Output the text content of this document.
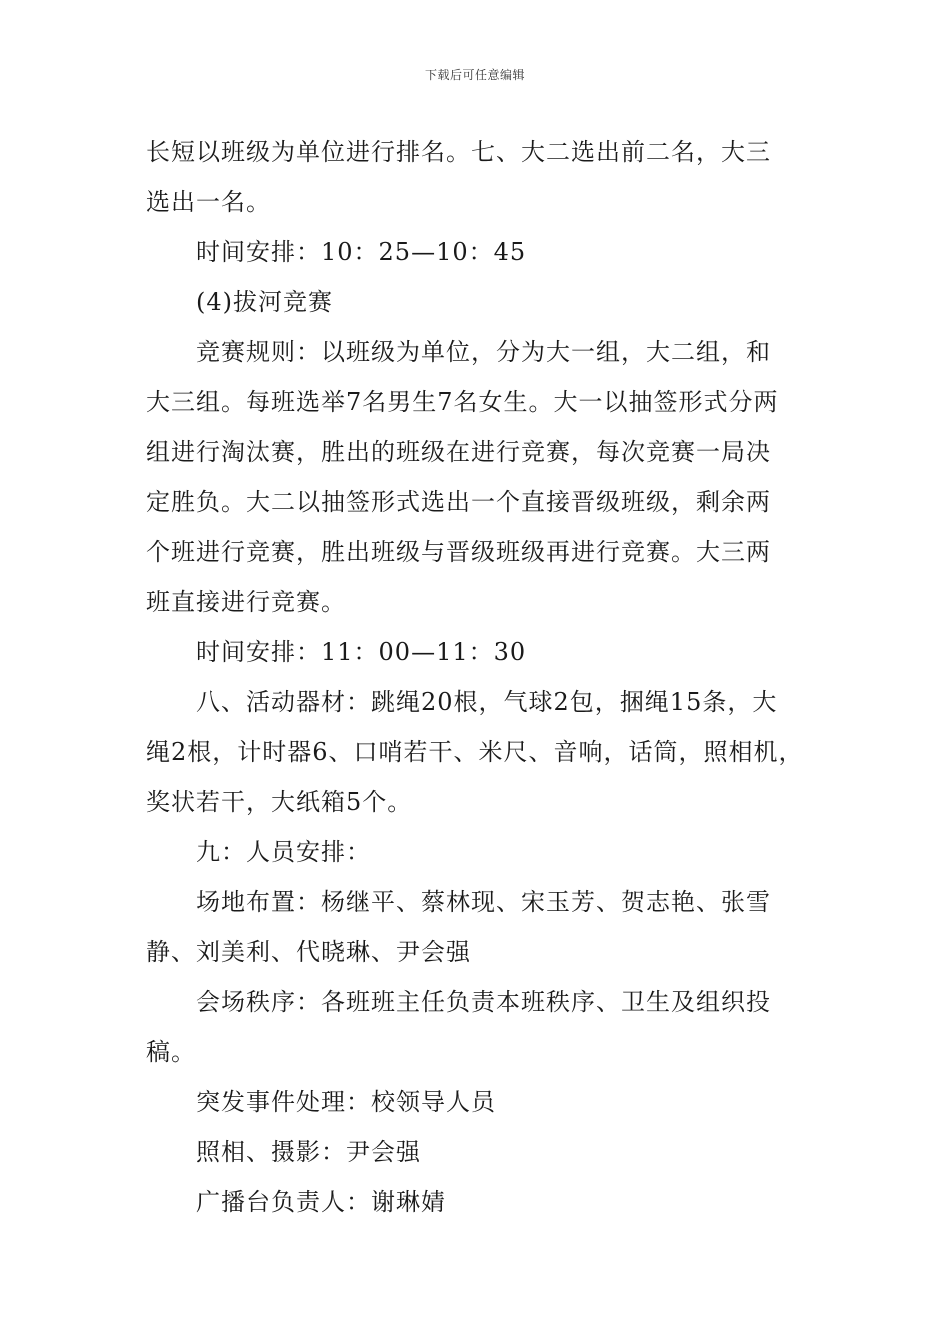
下载后可任意编辑
长短以班级为单位进行排名。七、大二选出前二名，大三
选出一名。
时间安排：10：25—10：45
(4)拔河竞赛
竞赛规则：以班级为单位，分为大一组，大二组，和
大三组。每班选举7名男生7名女生。大一以抽签形式分两
组进行淘汰赛，胜出的班级在进行竞赛，每次竞赛一局决
定胜负。大二以抽签形式选出一个直接晋级班级，剩余两
个班进行竞赛，胜出班级与晋级班级再进行竞赛。大三两
班直接进行竞赛。
时间安排：11：00—11：30
八、活动器材：跳绳20根，气球2包，捆绳15条，大
绳2根，计时器6、口哨若干、米尺、音响，话筒，照相机，
奖状若干，大纸箱5个。
九：人员安排：
场地布置：杨继平、蔡林现、宋玉芳、贺志艳、张雪
静、刘美利、代晓琳、尹会强
会场秩序：各班班主任负责本班秩序、卫生及组织投
稿。
突发事件处理：校领导人员
照相、摄影：尹会强
广播台负责人：谢琳婧
